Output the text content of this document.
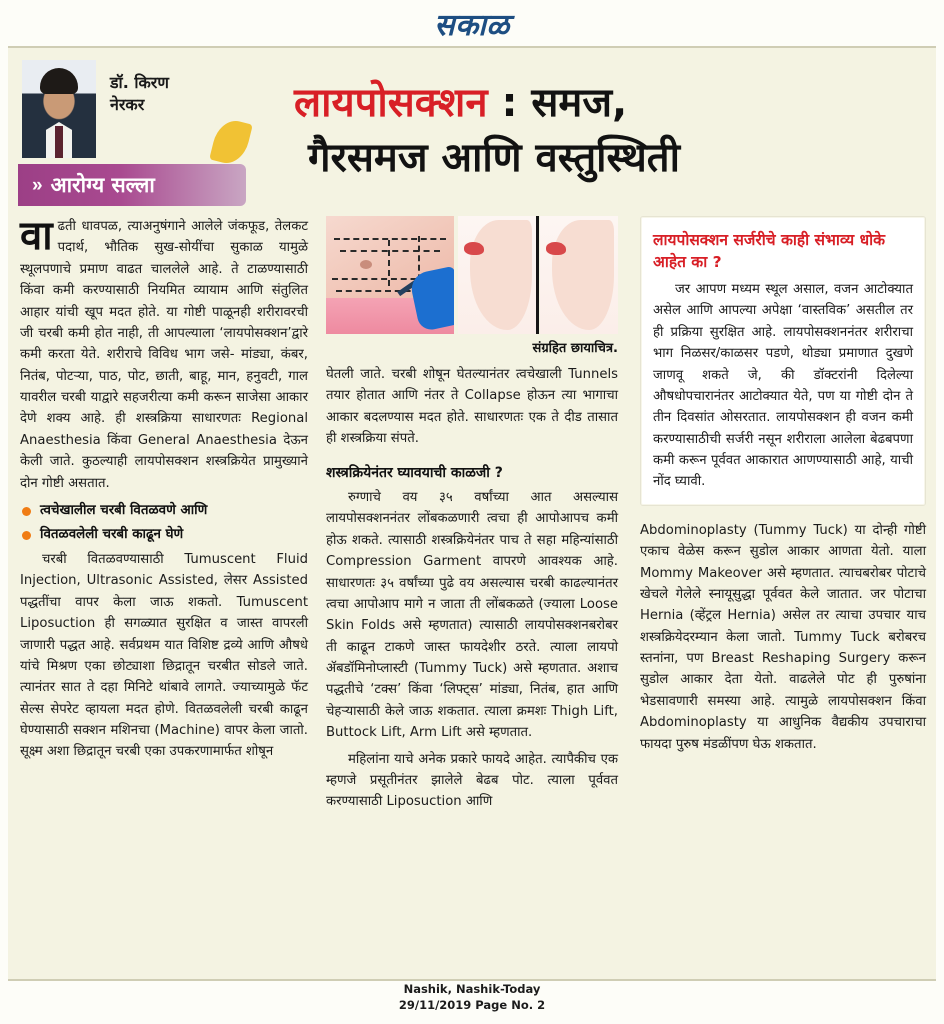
सकाळ
डॉ. किरण
नेरकर
» आरोग्य सल्ला
लायपोसक्शन : समज,
गैरसमज आणि वस्तुस्थिती

वाढती धावपळ, त्याअनुषंगाने आलेले जंकफूड, तेलकट पदार्थ, भौतिक सुख-सोयींचा सुकाळ यामुळे स्थूलपणाचे प्रमाण वाढत चाललेले आहे. ते टाळण्यासाठी किंवा कमी करण्यासाठी नियमित व्यायाम आणि संतुलित आहार यांची खूप मदत होते. या गोष्टी पाळूनही शरीरावरची जी चरबी कमी होत नाही, ती आपल्याला ‘लायपोसक्शन’द्वारे कमी करता येते. शरीराचे विविध भाग जसे- मांड्या, कंबर, नितंब, पोटऱ्या, पाठ, पोट, छाती, बाहू, मान, हनुवटी, गाल यावरील चरबी याद्वारे सहजरीत्या कमी करून साजेसा आकार देणे शक्य आहे. ही शस्त्रक्रिया साधारणतः Regional Anaesthesia किंवा General Anaesthesia देऊन केली जाते. कुठल्याही लायपोसक्शन शस्त्रक्रियेत प्रामुख्याने दोन गोष्टी असतात.

त्वचेखालील चरबी वितळवणे आणि
वितळवलेली चरबी काढून घेणे

चरबी वितळवण्यासाठी Tumuscent Fluid Injection, Ultrasonic Assisted, लेसर Assisted पद्धतींचा वापर केला जाऊ शकतो. Tumuscent Liposuction ही सगळ्यात सुरक्षित व जास्त वापरली जाणारी पद्धत आहे. सर्वप्रथम यात विशिष्ट द्रव्ये आणि औषधे यांचे मिश्रण एका छोट्याशा छिद्रातून चरबीत सोडले जाते. त्यानंतर सात ते दहा मिनिटे थांबावे लागते. ज्याच्यामुळे फॅट सेल्स सेपरेट व्हायला मदत होणे. वितळवलेली चरबी काढून घेण्यासाठी सक्शन मशिनचा (Machine) वापर केला जातो. सूक्ष्म अशा छिद्रातून चरबी एका उपकरणामार्फत शोषून

संग्रहित छायाचित्र.

घेतली जाते. चरबी शोषून घेतल्यानंतर त्वचेखाली Tunnels तयार होतात आणि नंतर ते Collapse होऊन त्या भागाचा आकार बदलण्यास मदत होते. साधारणतः एक ते दीड तासात ही शस्त्रक्रिया संपते.

शस्त्रक्रियेनंतर घ्यावयाची काळजी ?

रुग्णाचे वय ३५ वर्षांच्या आत असल्यास लायपोसक्शननंतर लोंबकळणारी त्वचा ही आपोआपच कमी होऊ शकते. त्यासाठी शस्त्रक्रियेनंतर पाच ते सहा महिन्यांसाठी Compression Garment वापरणे आवश्यक आहे. साधारणतः ३५ वर्षांच्या पुढे वय असल्यास चरबी काढल्यानंतर त्वचा आपोआप मागे न जाता ती लोंबकळते (ज्याला Loose Skin Folds असे म्हणतात) त्यासाठी लायपोसक्शनबरोबर ती काढून टाकणे जास्त फायदेशीर ठरते. त्याला लायपो ॲबडॉमिनोप्लास्टी (Tummy Tuck) असे म्हणतात. अशाच पद्धतीचे ‘टक्स’ किंवा ‘लिफ्ट्स’ मांड्या, नितंब, हात आणि चेहऱ्यासाठी केले जाऊ शकतात. त्याला क्रमशः Thigh Lift, Buttock Lift, Arm Lift असे म्हणतात.

महिलांना याचे अनेक प्रकारे फायदे आहेत. त्यापैकीच एक म्हणजे प्रसूतीनंतर झालेले बेढब पोट. त्याला पूर्ववत करण्यासाठी Liposuction आणि

लायपोसक्शन सर्जरीचे काही संभाव्य धोके आहेत का ?

जर आपण मध्यम स्थूल असाल, वजन आटोक्यात असेल आणि आपल्या अपेक्षा ‘वास्तविक’ असतील तर ही प्रक्रिया सुरक्षित आहे. लायपोसक्शननंतर शरीराचा भाग निळसर/काळसर पडणे, थोड्या प्रमाणात दुखणे जाणवू शकते जे, की डॉक्टरांनी दिलेल्या औषधोपचारानंतर आटोक्यात येते, पण या गोष्टी दोन ते तीन दिवसांत ओसरतात. लायपोसक्शन ही वजन कमी करण्यासाठीची सर्जरी नसून शरीराला आलेला बेढबपणा कमी करून पूर्ववत आकारात आणण्यासाठी आहे, याची नोंद घ्यावी.

Abdominoplasty (Tummy Tuck) या दोन्ही गोष्टी एकाच वेळेस करून सुडोल आकार आणता येतो. याला Mommy Makeover असे म्हणतात. त्याचबरोबर पोटाचे खेचले गेलेले स्नायूसुद्धा पूर्ववत केले जातात. जर पोटाचा Hernia (व्हेंट्रल Hernia) असेल तर त्याचा उपचार याच शस्त्रक्रियेदरम्यान केला जातो. Tummy Tuck बरोबरच स्तनांना, पण Breast Reshaping Surgery करून सुडोल आकार देता येतो. वाढलेले पोट ही पुरुषांना भेडसावणारी समस्या आहे. त्यामुळे लायपोसक्शन किंवा Abdominoplasty या आधुनिक वैद्यकीय उपचाराचा फायदा पुरुष मंडळींपण घेऊ शकतात.

Nashik, Nashik-Today
29/11/2019 Page No. 2
